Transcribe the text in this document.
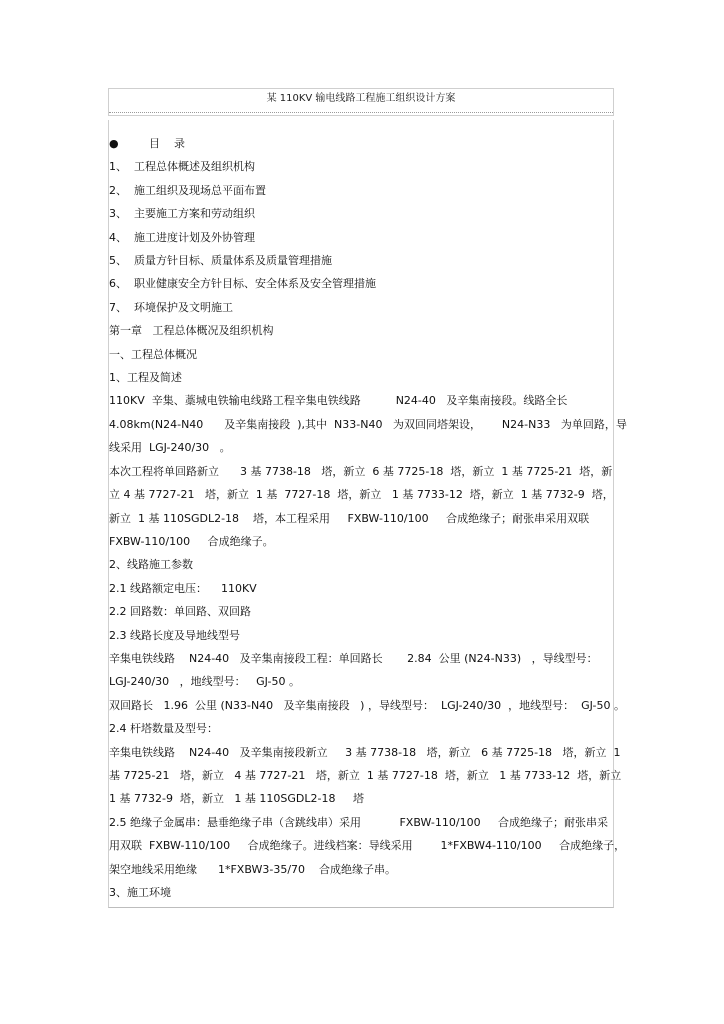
某 110KV 输电线路工程施工组织设计方案
●	目    录
1、  工程总体概述及组织机构
2、  施工组织及现场总平面布置
3、  主要施工方案和劳动组织
4、  施工进度计划及外协管理
5、  质量方针目标、质量体系及质量管理措施
6、  职业健康安全方针目标、安全体系及安全管理措施
7、  环境保护及文明施工
第一章   工程总体概况及组织机构
一、工程总体概况
1、工程及简述
110KV  辛集、藁城电铁输电线路工程辛集电铁线路          N24-40   及辛集南接段。线路全长
4.08km(N24-N40      及辛集南接段  ),其中  N33-N40   为双回同塔架设，      N24-N33   为单回路，导
线采用  LGJ-240/30   。
本次工程将单回路新立      3 基 7738-18   塔，新立  6 基 7725-18  塔，新立  1 基 7725-21  塔，新
立 4 基 7727-21   塔，新立  1 基  7727-18  塔，新立   1 基 7733-12  塔，新立  1 基 7732-9  塔，
新立  1 基 110SGDL2-18    塔，本工程采用     FXBW-110/100     合成绝缘子；耐张串采用双联
FXBW-110/100     合成绝缘子。
2、线路施工参数
2.1 线路额定电压：    110KV
2.2 回路数：单回路、双回路
2.3 线路长度及导地线型号
辛集电铁线路    N24-40   及辛集南接段工程：单回路长       2.84  公里 (N24-N33)   ，导线型号：
LGJ-240/30   ，地线型号：   GJ-50 。
双回路长   1.96  公里 (N33-N40   及辛集南接段   ) ，导线型号：  LGJ-240/30  ，地线型号：  GJ-50 。
2.4 杆塔数量及型号：
辛集电铁线路    N24-40   及辛集南接段新立     3 基 7738-18   塔，新立   6 基 7725-18   塔，新立  1
基 7725-21   塔，新立   4 基 7727-21   塔，新立  1 基 7727-18  塔，新立   1 基 7733-12  塔，新立
1 基 7732-9  塔，新立   1 基 110SGDL2-18     塔
2.5 绝缘子金属串：悬垂绝缘子串（含跳线串）采用           FXBW-110/100     合成绝缘子；耐张串采
用双联  FXBW-110/100     合成绝缘子。进线档案：导线采用        1*FXBW4-110/100     合成绝缘子，
架空地线采用绝缘      1*FXBW3-35/70    合成绝缘子串。
3、施工环境
